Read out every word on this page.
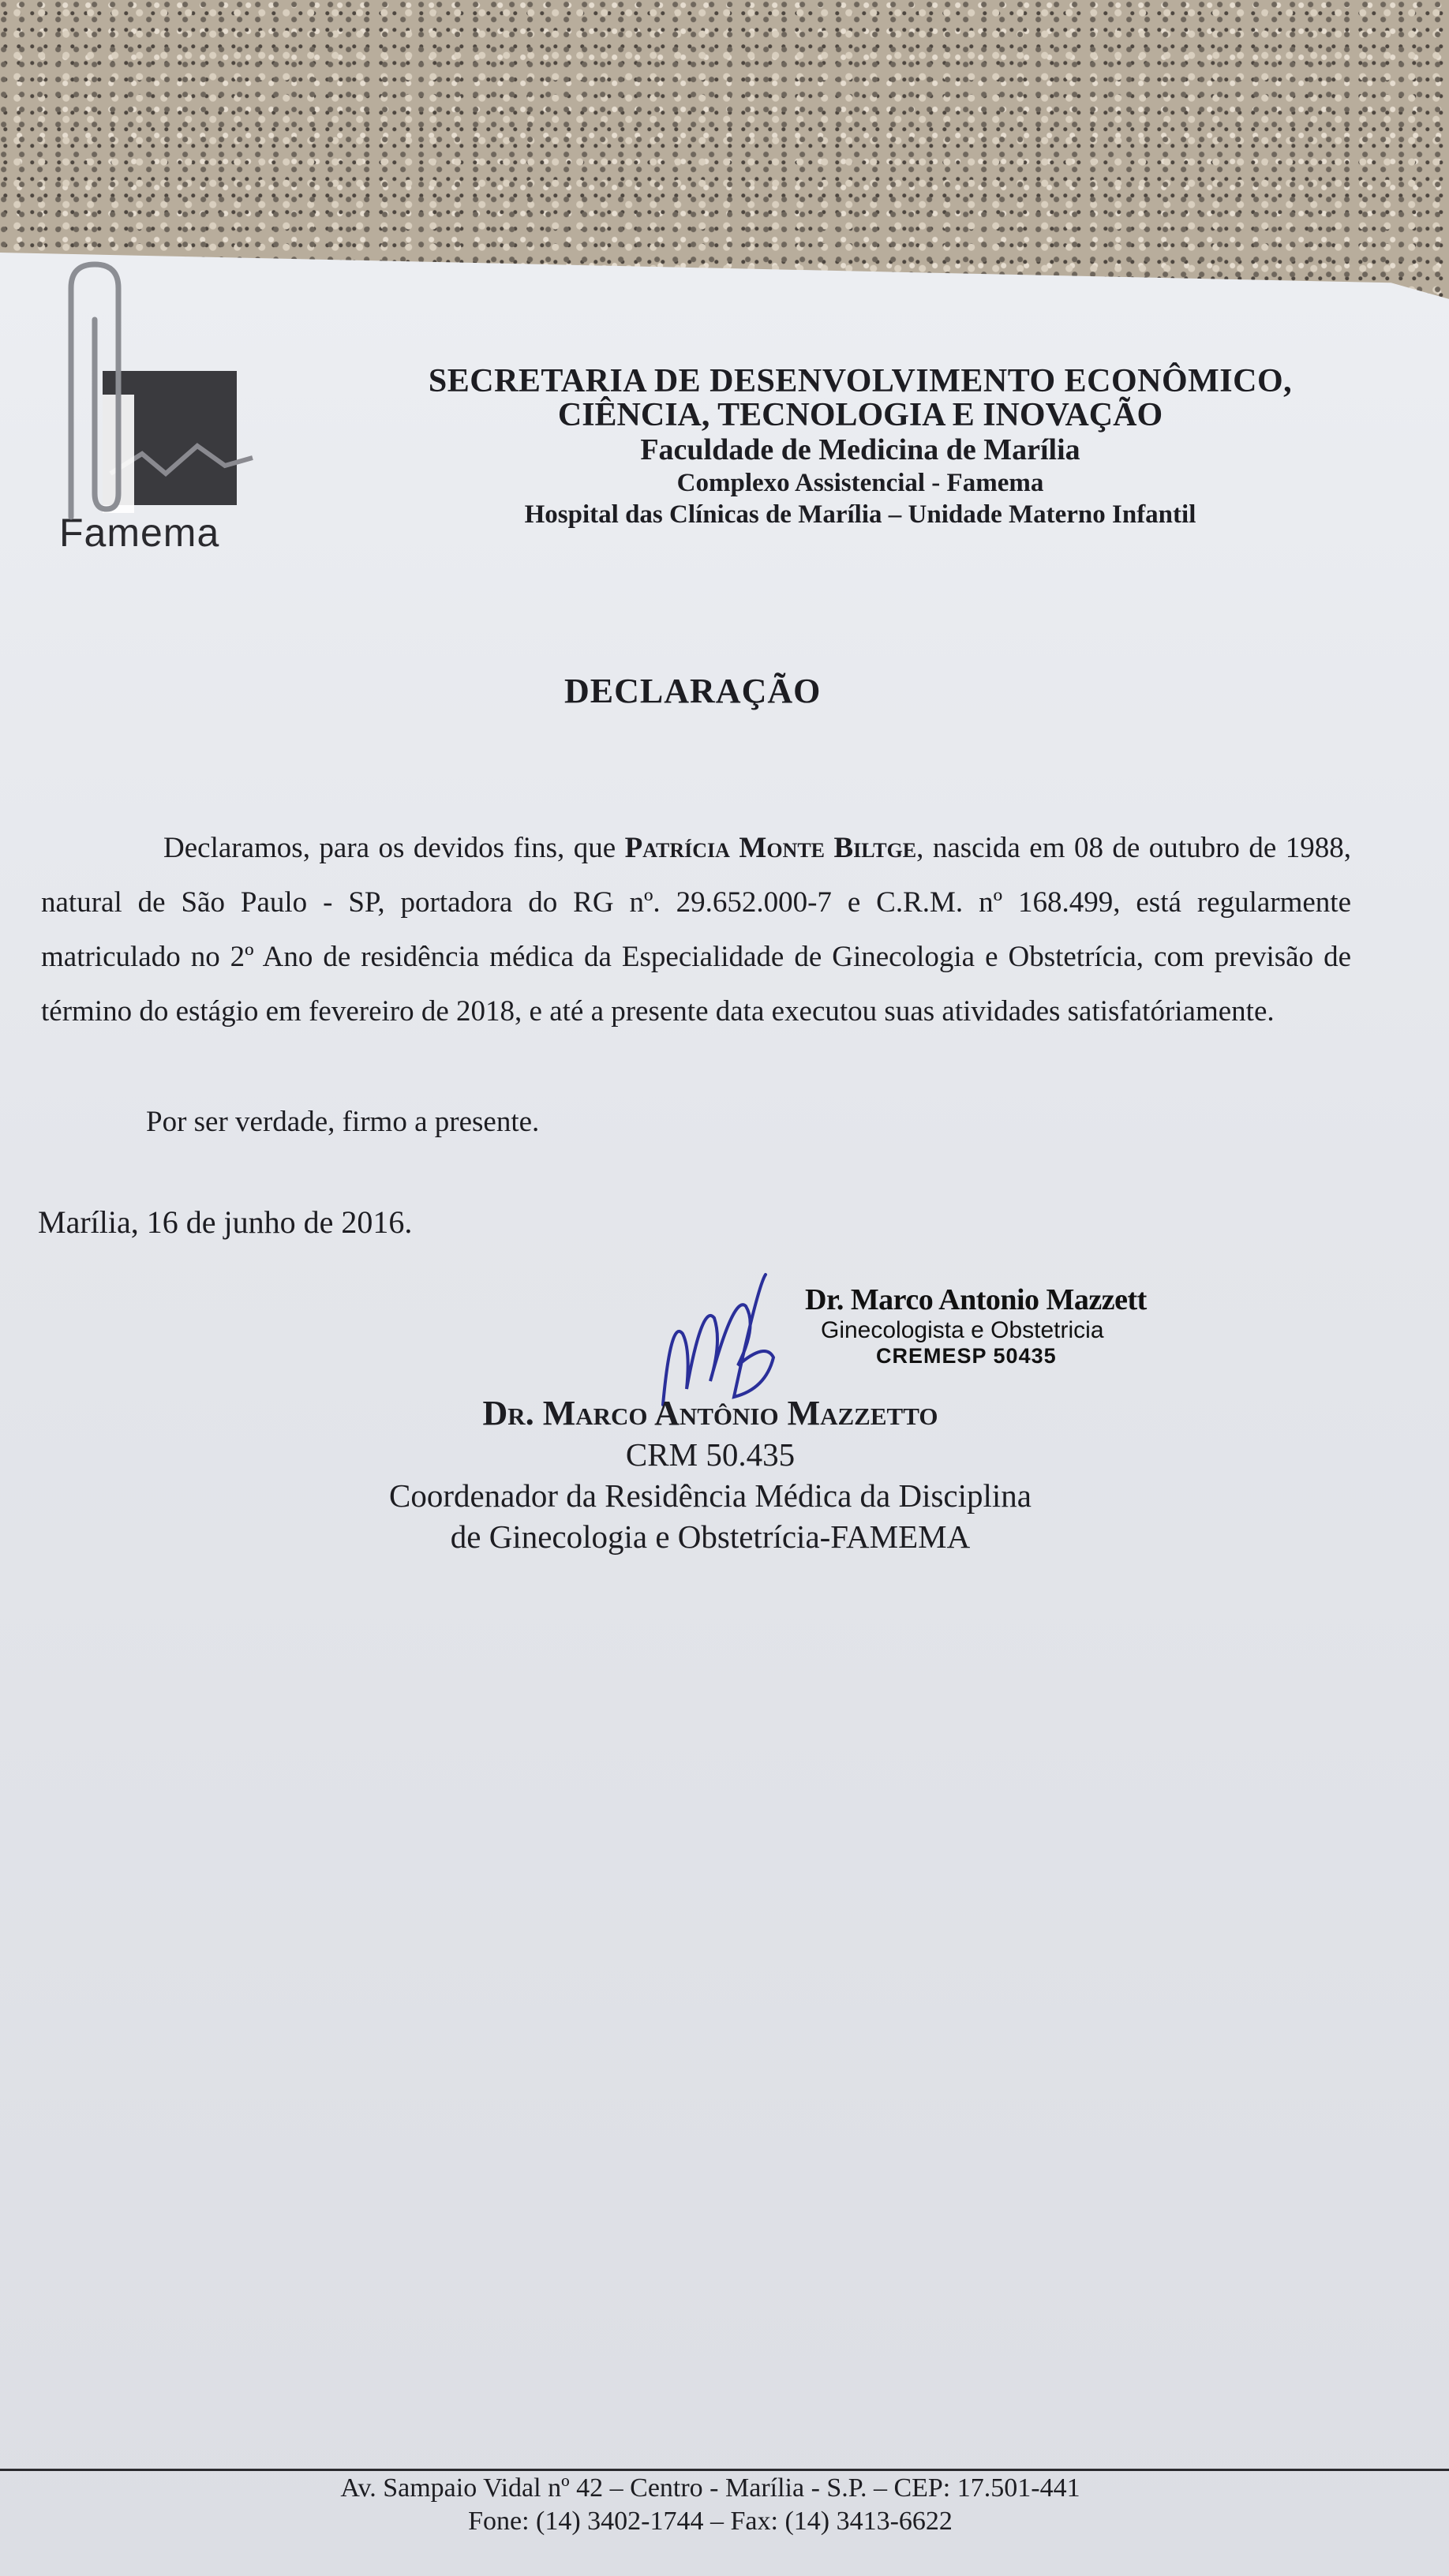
Famema
SECRETARIA DE DESENVOLVIMENTO ECONÔMICO,
CIÊNCIA, TECNOLOGIA E INOVAÇÃO
Faculdade de Medicina de Marília
Complexo Assistencial - Famema
Hospital das Clínicas de Marília – Unidade Materno Infantil
DECLARAÇÃO
Declaramos, para os devidos fins, que Patrícia Monte Biltge, nascida em 08 de outubro de 1988, natural de São Paulo - SP, portadora do RG nº. 29.652.000-7 e C.R.M. nº 168.499, está regularmente matriculado no 2º Ano de residência médica da Especialidade de Ginecologia e Obstetrícia, com previsão de término do estágio em fevereiro de 2018, e até a presente data executou suas atividades satisfatóriamente.
Por ser verdade, firmo a presente.
Marília, 16 de junho de 2016.
Dr. Marco Antonio Mazzett
Ginecologista e Obstetricia
CREMESP 50435
Dr. Marco Antônio Mazzetto
CRM 50.435
Coordenador da Residência Médica da Disciplina
de Ginecologia e Obstetrícia-FAMEMA
Av. Sampaio Vidal nº 42 – Centro - Marília - S.P. – CEP: 17.501-441
Fone: (14) 3402-1744 – Fax: (14) 3413-6622
